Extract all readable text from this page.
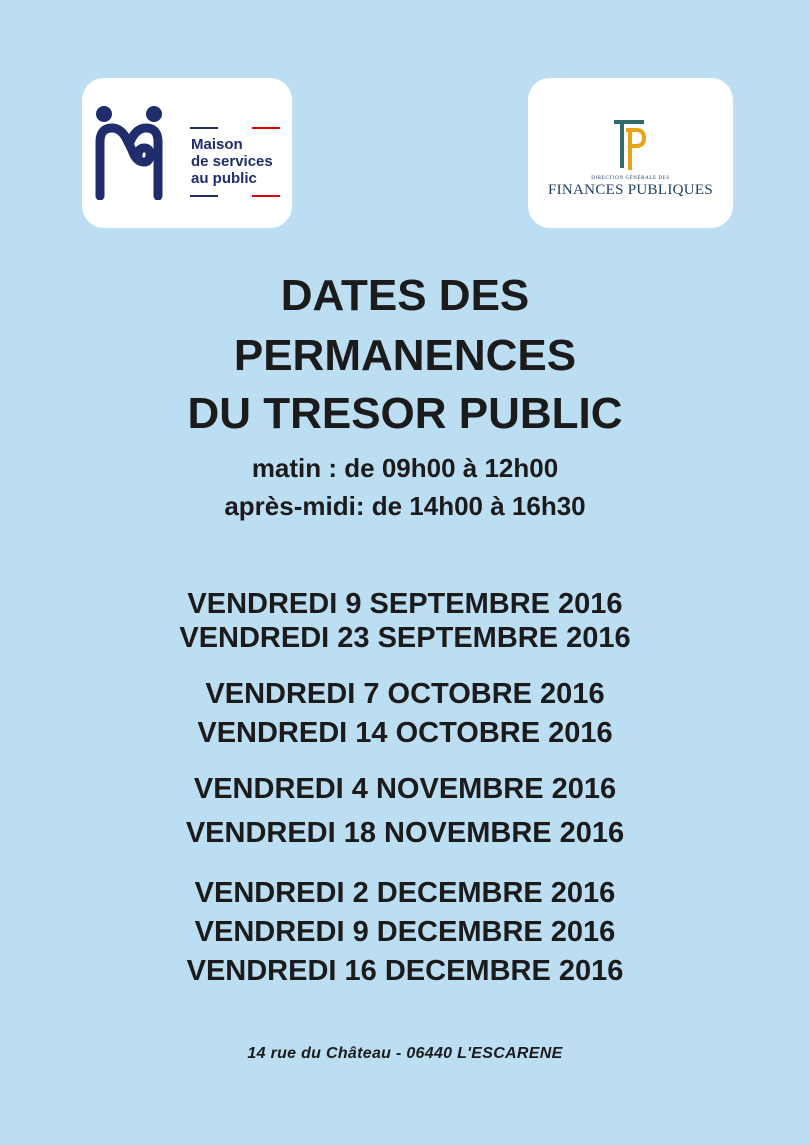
Maison
de services
au public	DIRECTION GÉNÉRALE DES
FINANCES PUBLIQUES
DATES DES
PERMANENCES
DU TRESOR PUBLIC
matin : de 09h00 à 12h00
après-midi: de 14h00 à 16h30
VENDREDI 9 SEPTEMBRE 2016
VENDREDI 23 SEPTEMBRE 2016
VENDREDI 7 OCTOBRE 2016
VENDREDI 14 OCTOBRE 2016
VENDREDI 4 NOVEMBRE 2016
VENDREDI 18 NOVEMBRE 2016
VENDREDI 2 DECEMBRE 2016
VENDREDI 9 DECEMBRE 2016
VENDREDI 16 DECEMBRE 2016
14 rue du Château - 06440 L'ESCARENE
